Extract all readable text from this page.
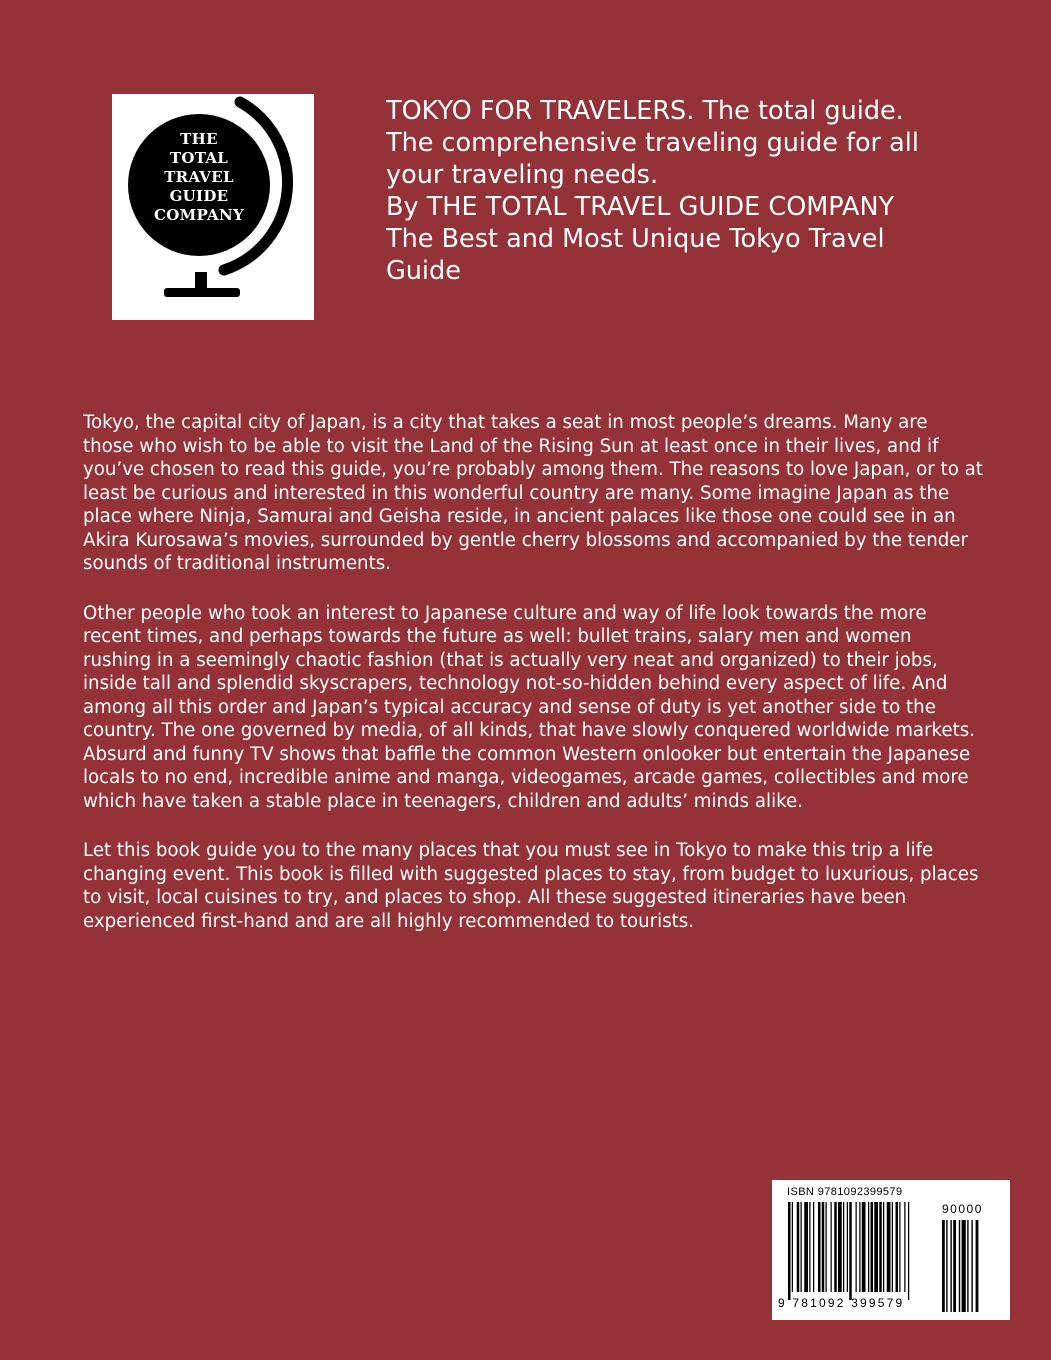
THE
TOTAL
TRAVEL
GUIDE
COMPANY
TOKYO FOR TRAVELERS. The total guide.
The comprehensive traveling guide for all
your traveling needs.
By THE TOTAL TRAVEL GUIDE COMPANY
The Best and Most Unique Tokyo Travel
Guide

Tokyo, the capital city of Japan, is a city that takes a seat in most people’s dreams. Many are those who wish to be able to visit the Land of the Rising Sun at least once in their lives, and if you’ve chosen to read this guide, you’re probably among them. The reasons to love Japan, or to at least be curious and interested in this wonderful country are many. Some imagine Japan as the place where Ninja, Samurai and Geisha reside, in ancient palaces like those one could see in an Akira Kurosawa’s movies, surrounded by gentle cherry blossoms and accompanied by the tender sounds of traditional instruments.

Other people who took an interest to Japanese culture and way of life look towards the more recent times, and perhaps towards the future as well: bullet trains, salary men and women rushing in a seemingly chaotic fashion (that is actually very neat and organized) to their jobs, inside tall and splendid skyscrapers, technology not-so-hidden behind every aspect of life. And among all this order and Japan’s typical accuracy and sense of duty is yet another side to the country. The one governed by media, of all kinds, that have slowly conquered worldwide markets. Absurd and funny TV shows that baffle the common Western onlooker but entertain the Japanese locals to no end, incredible anime and manga, videogames, arcade games, collectibles and more which have taken a stable place in teenagers, children and adults’ minds alike.

Let this book guide you to the many places that you must see in Tokyo to make this trip a life changing event. This book is filled with suggested places to stay, from budget to luxurious, places to visit, local cuisines to try, and places to shop. All these suggested itineraries have been experienced first-hand and are all highly recommended to tourists.

ISBN 9781092399579
90000
9 781092 399579
